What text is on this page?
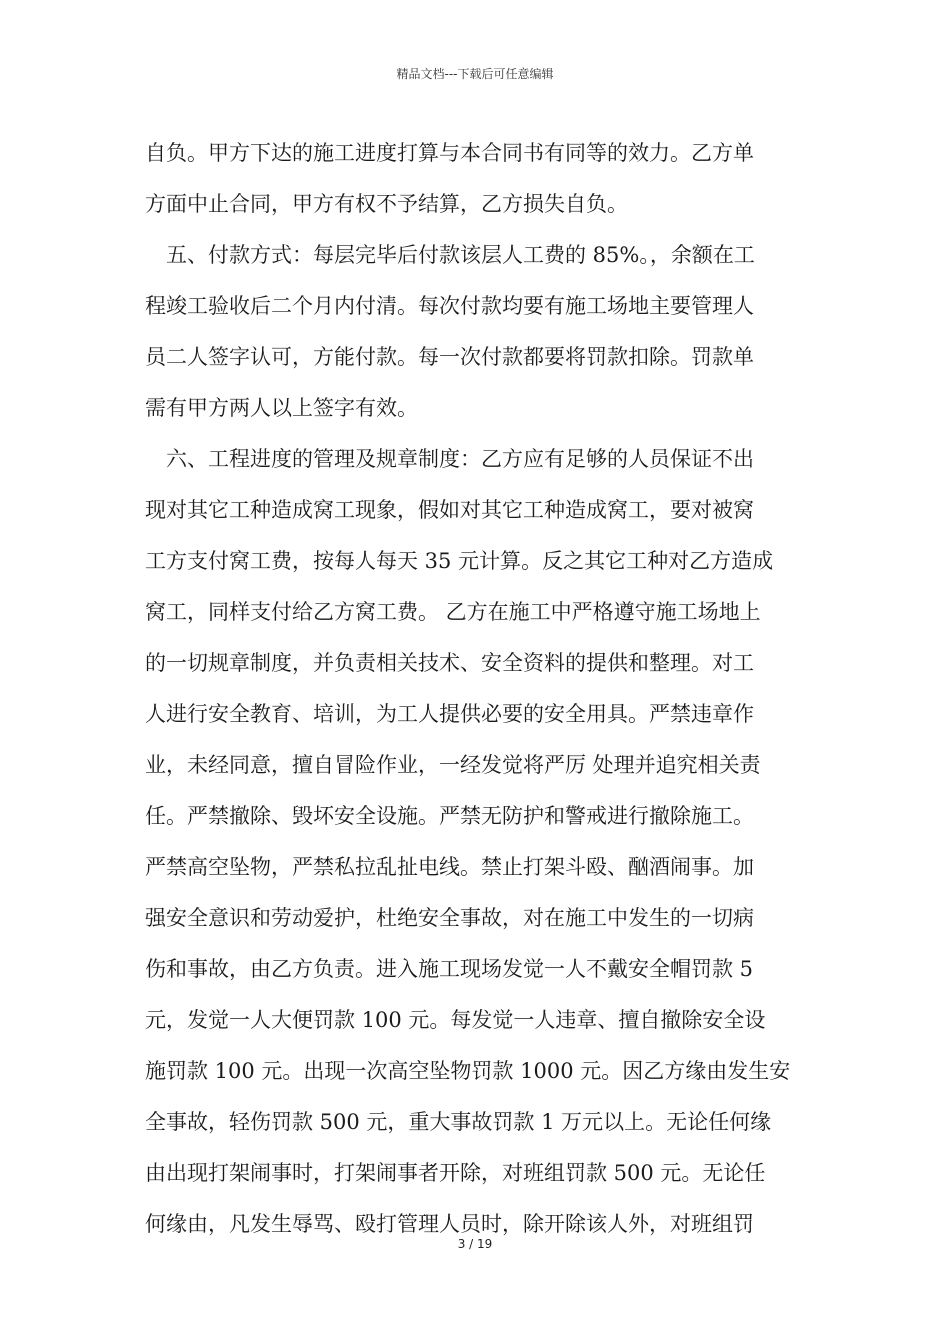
精品文档---下载后可任意编辑
自负。甲方下达的施工进度打算与本合同书有同等的效力。乙方单
方面中止合同，甲方有权不予结算，乙方损失自负。
五、付款方式：每层完毕后付款该层人工费的 85%。，余额在工
程竣工验收后二个月内付清。每次付款均要有施工场地主要管理人
员二人签字认可，方能付款。每一次付款都要将罚款扣除。罚款单
需有甲方两人以上签字有效。
六、工程进度的管理及规章制度：乙方应有足够的人员保证不出
现对其它工种造成窝工现象，假如对其它工种造成窝工，要对被窝
工方支付窝工费，按每人每天 35 元计算。反之其它工种对乙方造成
窝工，同样支付给乙方窝工费。 乙方在施工中严格遵守施工场地上
的一切规章制度，并负责相关技术、安全资料的提供和整理。对工
人进行安全教育、培训，为工人提供必要的安全用具。严禁违章作
业，未经同意，擅自冒险作业，一经发觉将严厉 处理并追究相关责
任。严禁撤除、毁坏安全设施。严禁无防护和警戒进行撤除施工。
严禁高空坠物，严禁私拉乱扯电线。禁止打架斗殴、酗酒闹事。加
强安全意识和劳动爱护，杜绝安全事故，对在施工中发生的一切病
伤和事故，由乙方负责。进入施工现场发觉一人不戴安全帽罚款 5
元，发觉一人大便罚款 100 元。每发觉一人违章、擅自撤除安全设
施罚款 100 元。出现一次高空坠物罚款 1000 元。因乙方缘由发生安
全事故，轻伤罚款 500 元，重大事故罚款 1 万元以上。无论任何缘
由出现打架闹事时，打架闹事者开除，对班组罚款 500 元。无论任
何缘由，凡发生辱骂、殴打管理人员时，除开除该人外，对班组罚
3 / 19
